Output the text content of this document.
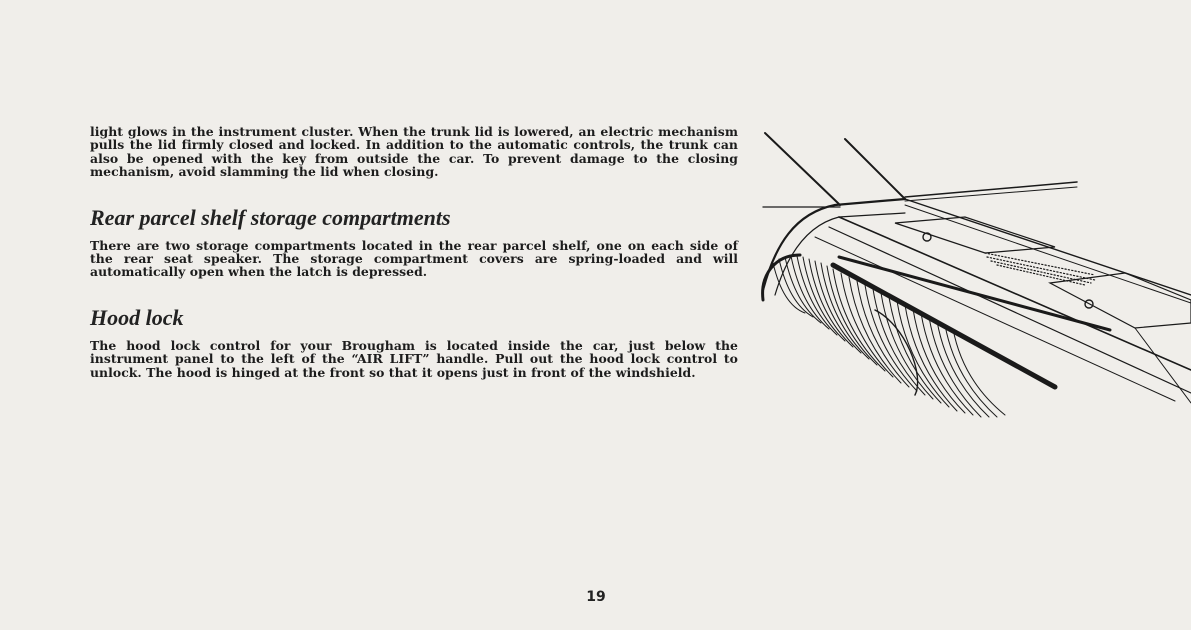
light glows in the instrument cluster. When the trunk lid is lowered, an electric mechanism pulls the lid firmly closed and locked. In addition to the automatic controls, the trunk can also be opened with the key from outside the car. To prevent damage to the closing mechanism, avoid slamming the lid when closing.

Rear parcel shelf storage compartments

There are two storage compartments located in the rear parcel shelf, one on each side of the rear seat speaker. The storage compartment covers are spring-loaded and will automatically open when the latch is depressed.

Hood lock

The hood lock control for your Brougham is located inside the car, just below the instrument panel to the left of the “AIR LIFT” handle. Pull out the hood lock control to unlock. The hood is hinged at the front so that it opens just in front of the windshield.

19
